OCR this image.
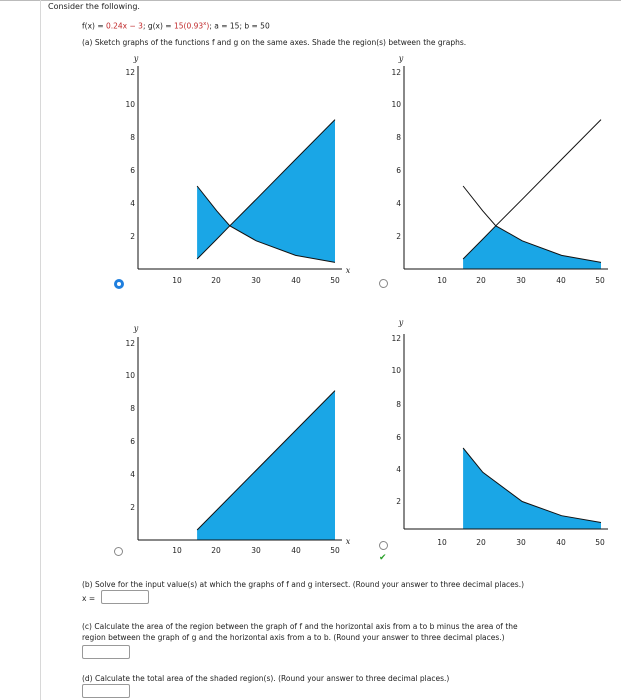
Consider the following.
f(x) = 0.24x − 3; $g(x) = 15(0.93^x)$; a = 15; b = 50
(a) Sketch graphs of the functions f and g on the same axes. Shade the region(s) between the graphs.
10	20	30	40	50
2
4
6
8
10
12
y
x
10	20	30	40	50
2
4
6
8
10
12
y
10	20	30	40	50
2
4
6
8
10
12
y
x	10	20	30	40	50
2
4
6
8
10
12
y
✔
(b) Solve for the input value(s) at which the graphs of f and g intersect. (Round your answer to three decimal places.)
x =
(c) Calculate the area of the region between the graph of f and the horizontal axis from a to b minus the area of the
region between the graph of g and the horizontal axis from a to b. (Round your answer to three decimal places.)
(d) Calculate the total area of the shaded region(s). (Round your answer to three decimal places.)
